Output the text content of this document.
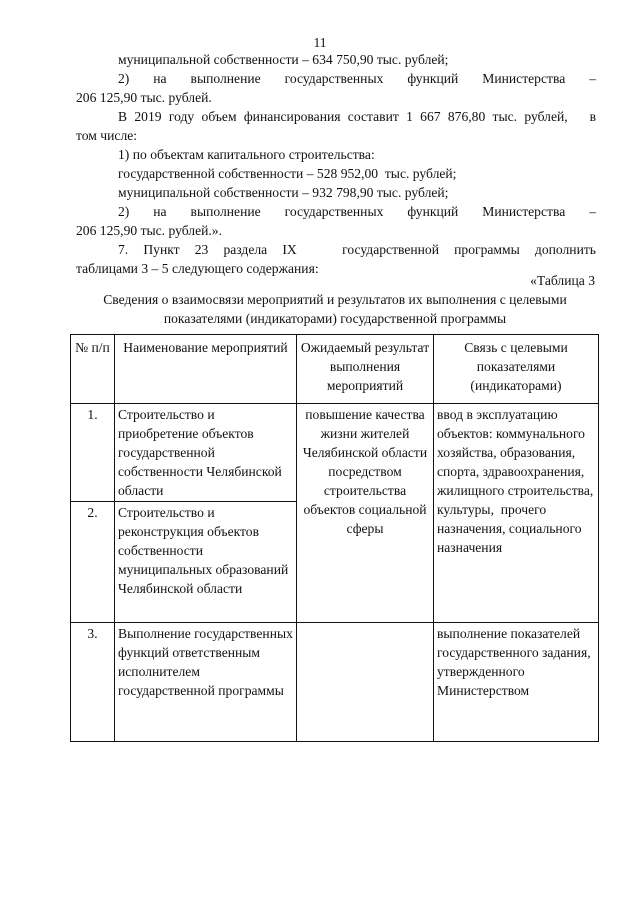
11

муниципальной собственности – 634 750,90 тыс. рублей;

2)   на   выполнение   государственных   функций   Министерства   –

206 125,90 тыс. рублей.

В 2019 году объем финансирования составит 1 667 876,80 тыс. рублей,   в

том числе:

1) по объектам капитального строительства:

государственной собственности – 528 952,00  тыс. рублей;

муниципальной собственности – 932 798,90 тыс. рублей;

2)   на   выполнение   государственных   функций   Министерства   –

206 125,90 тыс. рублей.».

7. Пункт 23 раздела IX   государственной программы дополнить

таблицами 3 – 5 следующего содержания:

«Таблица 3
Сведения о взаимосвязи мероприятий и результатов их выполнения с целевыми показателями (индикаторами) государственной программы
№ п/п	Наименование мероприятий	Ожидаемый результат выполнения мероприятий	Связь с целевыми показателями (индикаторами)
1.	Строительство и приобретение объектов государственной собственности Челябинской области	повышение качества жизни жителей Челябинской области посредством строительства объектов социальной сферы	ввод в эксплуатацию объектов: коммунального хозяйства, образования, спорта, здравоохранения, жилищного строительства, культуры,  прочего назначения, социального назначения
2.	Строительство и реконструкция объектов собственности муниципальных образований Челябинской области		
3.	Выполнение государственных функций ответственным исполнителем государственной программы		выполнение показателей государственного задания, утвержденного Министерством
